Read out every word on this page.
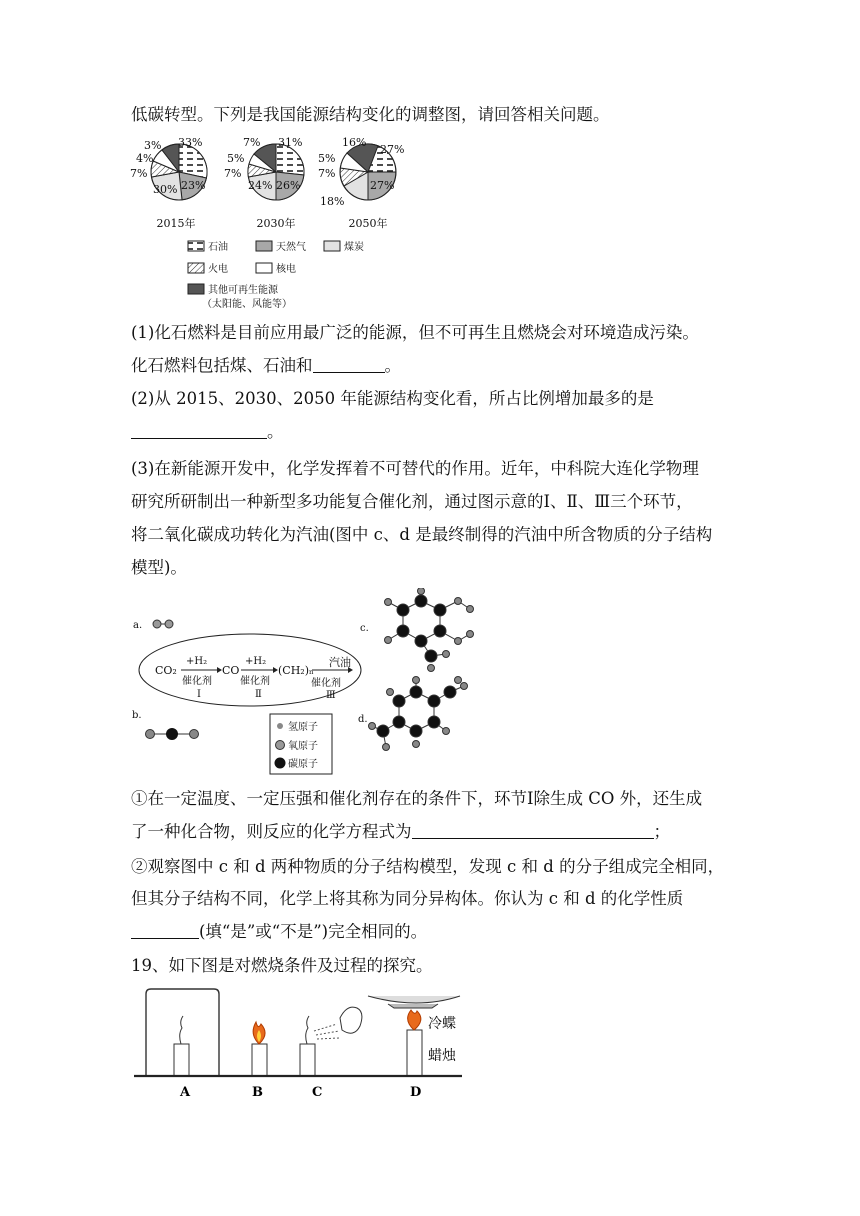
低碳转型。下列是我国能源结构变化的调整图，请回答相关问题。
3% 33%
4%
7%
30% 23%
2015年
7% 31%
5%
7%
24% 26%
2030年
16%
27%
5%
7%
18%
27%
2050年
石油	天然气	煤炭
火电	核电
其他可再生能源
（太阳能、风能等）
(1)化石燃料是目前应用最广泛的能源，但不可再生且燃烧会对环境造成污染。
化石燃料包括煤、石油和	。
(2)从 2015、2030、2050 年能源结构变化看，所占比例增加最多的是
。
(3)在新能源开发中，化学发挥着不可替代的作用。近年，中科院大连化学物理
研究所研制出一种新型多功能复合催化剂，通过图示意的Ⅰ、Ⅱ、Ⅲ三个环节，
将二氧化碳成功转化为汽油(图中 c、d 是最终制得的汽油中所含物质的分子结构
模型)。
a.
CO₂
+H₂
催化剂
Ⅰ
CO
+H₂
催化剂
Ⅱ
(CH₂)ₙ
催化剂
Ⅲ
汽油
b.
氢原子
氧原子
碳原子
c.
d.
①在一定温度、一定压强和催化剂存在的条件下，环节Ⅰ除生成 CO 外，还生成
了一种化合物，则反应的化学方程式为	；
②观察图中 c 和 d 两种物质的分子结构模型，发现 c 和 d 的分子组成完全相同，
但其分子结构不同，化学上将其称为同分异构体。你认为 c 和 d 的化学性质
(填“是”或“不是”)完全相同的。
19、如下图是对燃烧条件及过程的探究。
冷蝶
蜡烛
A	B	C	D
